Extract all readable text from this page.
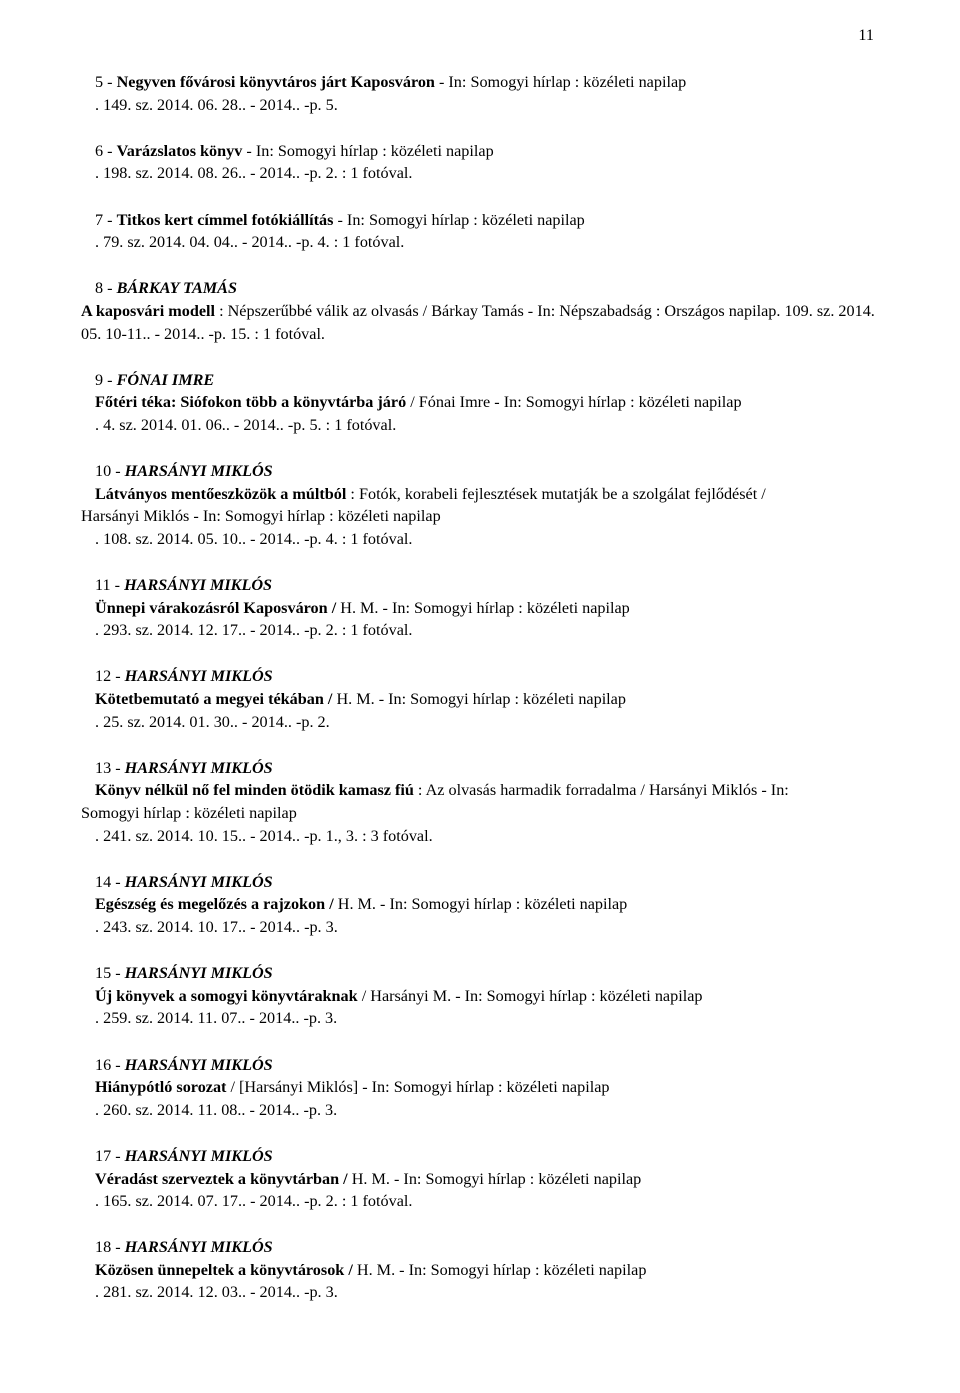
11

5 - Negyven fővárosi könyvtáros járt Kaposváron - In: Somogyi hírlap : közéleti napilap

. 149. sz. 2014. 06. 28.. - 2014.. -p. 5.

6 - Varázslatos könyv - In: Somogyi hírlap : közéleti napilap

. 198. sz. 2014. 08. 26.. - 2014.. -p. 2. : 1 fotóval.

7 - Titkos kert címmel fotókiállítás - In: Somogyi hírlap : közéleti napilap

. 79. sz. 2014. 04. 04.. - 2014.. -p. 4. : 1 fotóval.

8 - BÁRKAY TAMÁS

A kaposvári modell : Népszerűbbé válik az olvasás / Bárkay Tamás - In: Népszabadság : Országos napilap. 109. sz. 2014. 05. 10-11.. - 2014.. -p. 15. : 1 fotóval.

9 - FÓNAI IMRE

Főtéri téka: Siófokon több a könyvtárba járó / Fónai Imre - In: Somogyi hírlap : közéleti napilap

. 4. sz. 2014. 01. 06.. - 2014.. -p. 5. : 1 fotóval.

10 - HARSÁNYI MIKLÓS

Látványos mentőeszközök a múltból : Fotók, korabeli fejlesztések mutatják be a szolgálat fejlődését / Harsányi Miklós - In: Somogyi hírlap : közéleti napilap

. 108. sz. 2014. 05. 10.. - 2014.. -p. 4. : 1 fotóval.

11 - HARSÁNYI MIKLÓS

Ünnepi várakozásról Kaposváron / H. M. - In: Somogyi hírlap : közéleti napilap

. 293. sz. 2014. 12. 17.. - 2014.. -p. 2. : 1 fotóval.

12 - HARSÁNYI MIKLÓS

Kötetbemutató a megyei tékában / H. M. - In: Somogyi hírlap : közéleti napilap

. 25. sz. 2014. 01. 30.. - 2014.. -p. 2.

13 - HARSÁNYI MIKLÓS

Könyv nélkül nő fel minden ötödik kamasz fiú : Az olvasás harmadik forradalma / Harsányi Miklós - In: Somogyi hírlap : közéleti napilap

. 241. sz. 2014. 10. 15.. - 2014.. -p. 1., 3. : 3 fotóval.

14 - HARSÁNYI MIKLÓS

Egészség és megelőzés a rajzokon / H. M. - In: Somogyi hírlap : közéleti napilap

. 243. sz. 2014. 10. 17.. - 2014.. -p. 3.

15 - HARSÁNYI MIKLÓS

Új könyvek a somogyi könyvtáraknak / Harsányi M. - In: Somogyi hírlap : közéleti napilap

. 259. sz. 2014. 11. 07.. - 2014.. -p. 3.

16 - HARSÁNYI MIKLÓS

Hiánypótló sorozat / [Harsányi Miklós] - In: Somogyi hírlap : közéleti napilap

. 260. sz. 2014. 11. 08.. - 2014.. -p. 3.

17 - HARSÁNYI MIKLÓS

Véradást szerveztek a könyvtárban / H. M. - In: Somogyi hírlap : közéleti napilap

. 165. sz. 2014. 07. 17.. - 2014.. -p. 2. : 1 fotóval.

18 - HARSÁNYI MIKLÓS

Közösen ünnepeltek a könyvtárosok / H. M. - In: Somogyi hírlap : közéleti napilap

. 281. sz. 2014. 12. 03.. - 2014.. -p. 3.
